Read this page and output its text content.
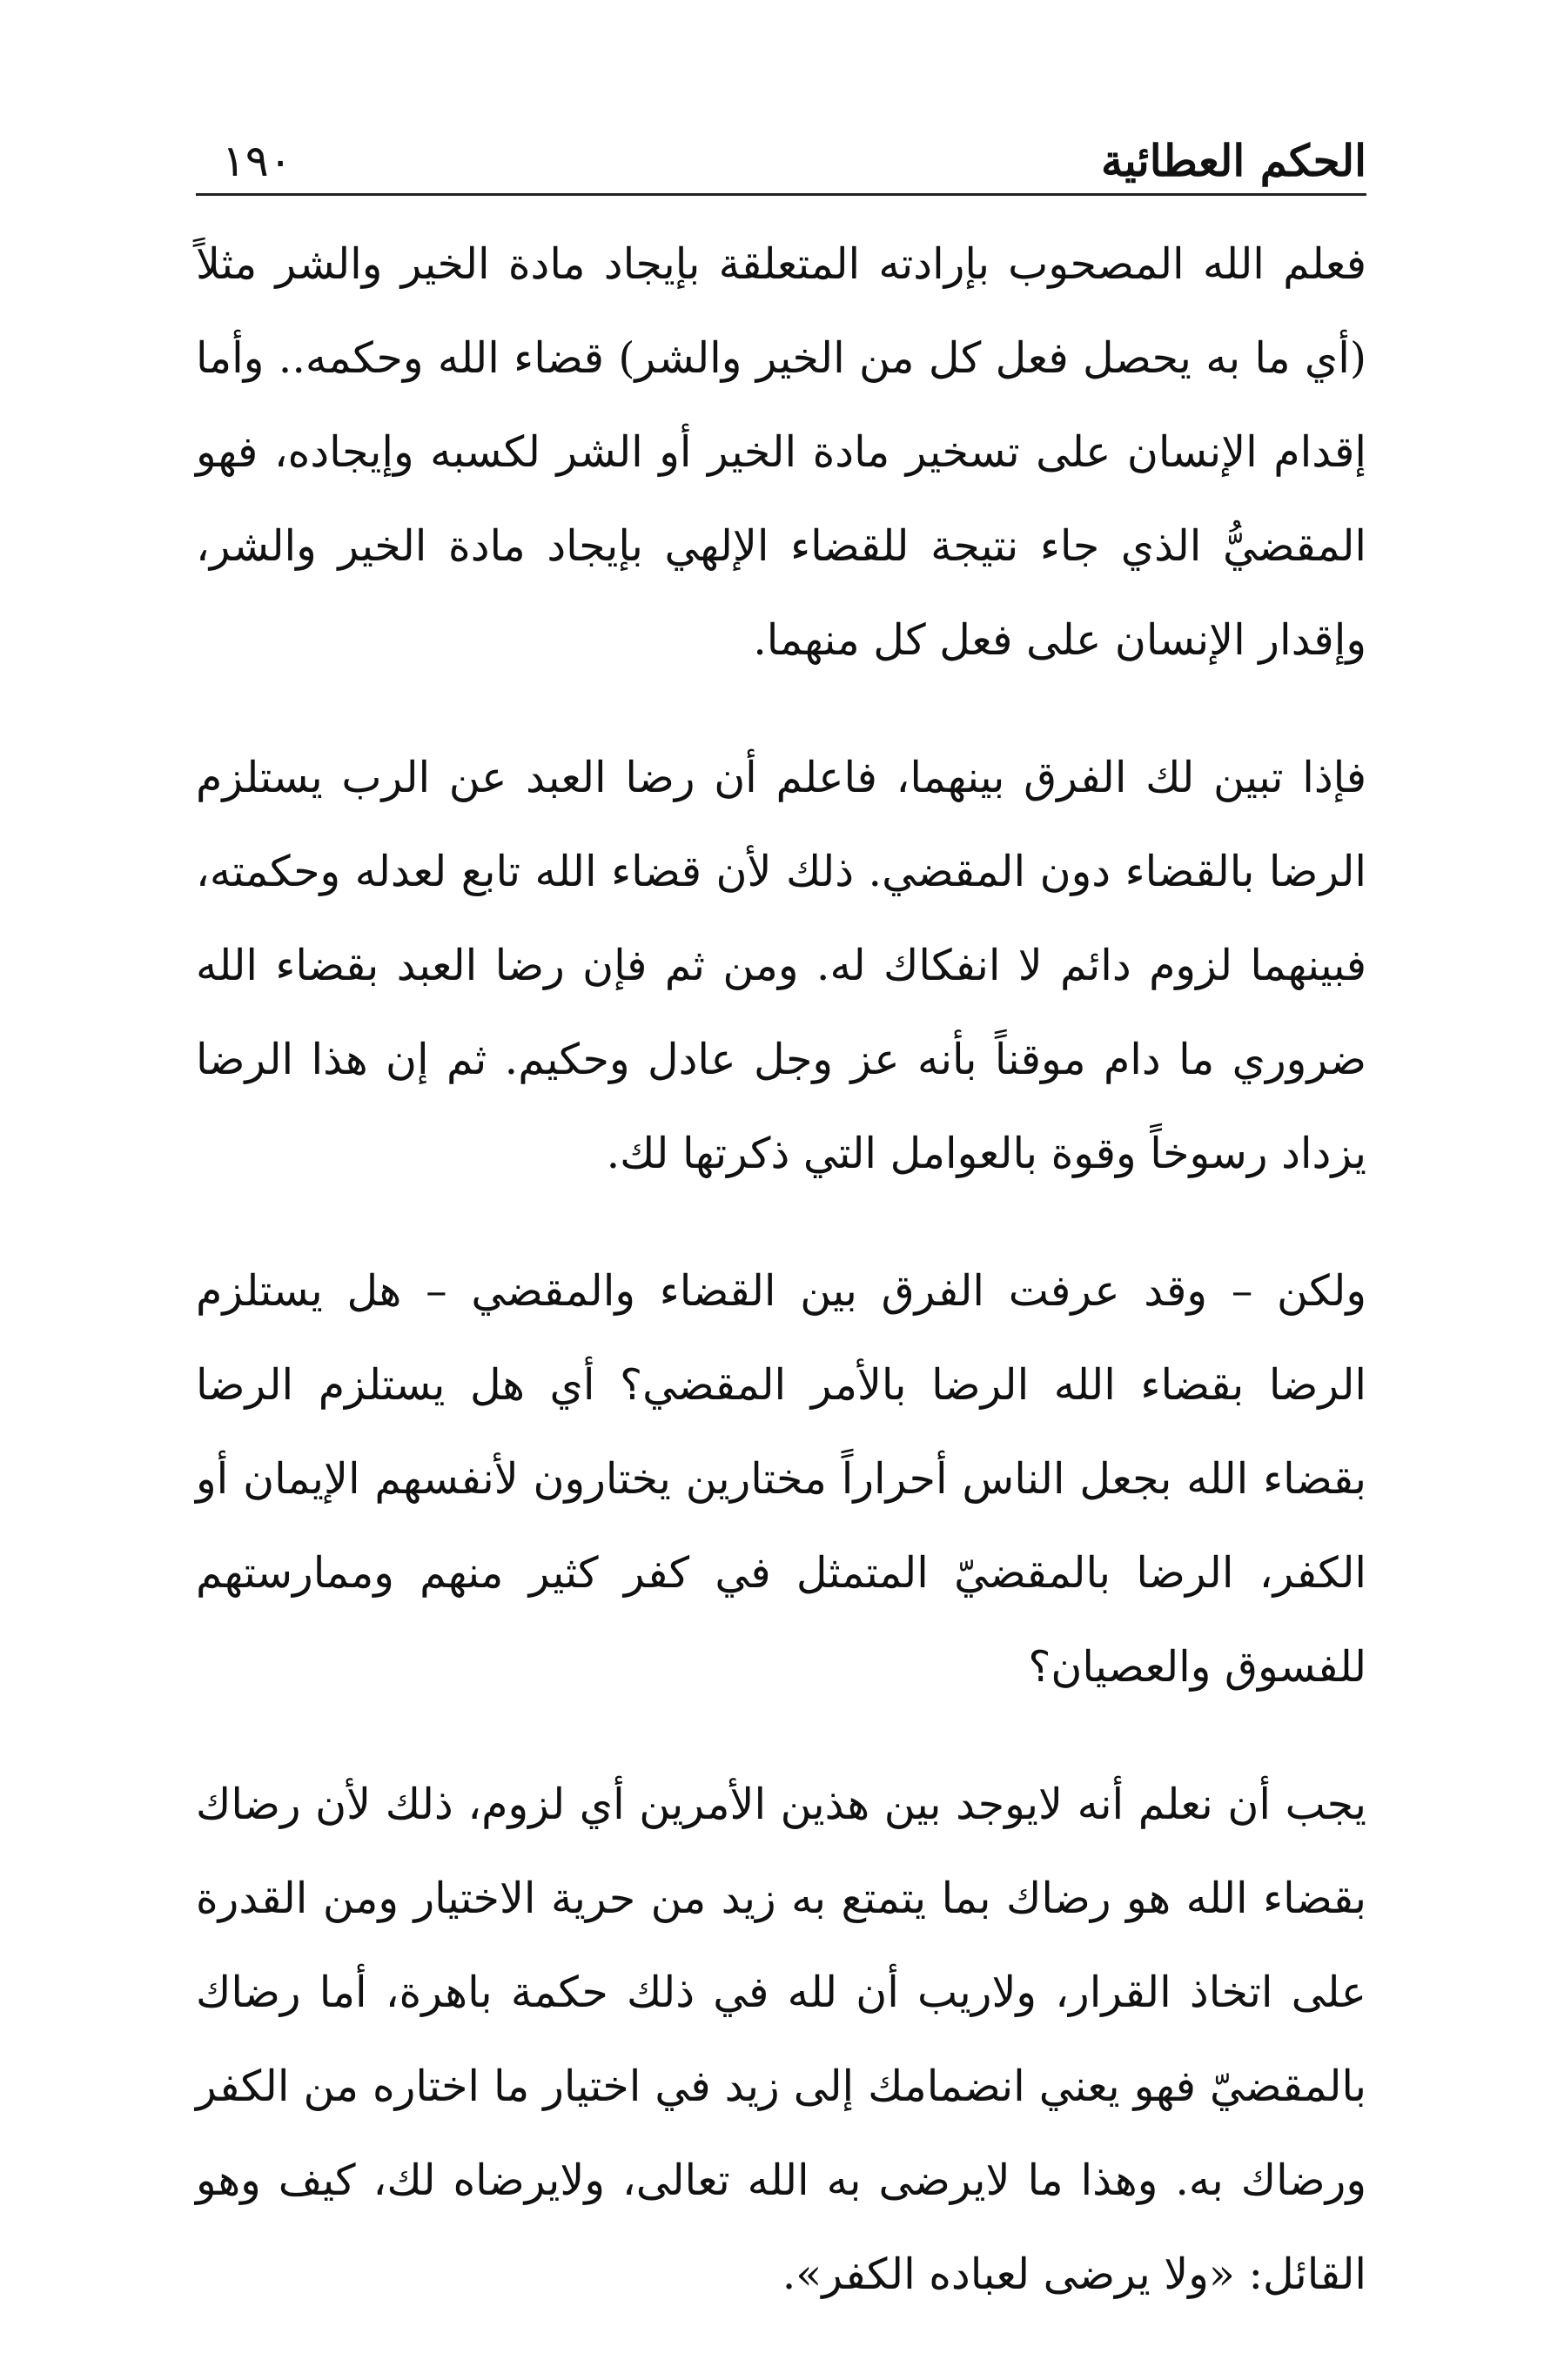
الحكم العطائية
١٩٠

فعلم الله المصحوب بإرادته المتعلقة بإيجاد مادة الخير والشر مثلاً (أي ما به يحصل فعل كل من الخير والشر) قضاء الله وحكمه.. وأما إقدام الإنسان على تسخير مادة الخير أو الشر لكسبه وإيجاده، فهو المقضيُّ الذي جاء نتيجة للقضاء الإلهي بإيجاد مادة الخير والشر، وإقدار الإنسان على فعل كل منهما.

فإذا تبين لك الفرق بينهما، فاعلم أن رضا العبد عن الرب يستلزم الرضا بالقضاء دون المقضي. ذلك لأن قضاء الله تابع لعدله وحكمته، فبينهما لزوم دائم لا انفكاك له. ومن ثم فإن رضا العبد بقضاء الله ضروري ما دام موقناً بأنه عز وجل عادل وحكيم. ثم إن هذا الرضا يزداد رسوخاً وقوة بالعوامل التي ذكرتها لك.

ولكن – وقد عرفت الفرق بين القضاء والمقضي – هل يستلزم الرضا بقضاء الله الرضا بالأمر المقضي؟ أي هل يستلزم الرضا بقضاء الله بجعل الناس أحراراً مختارين يختارون لأنفسهم الإيمان أو الكفر، الرضا بالمقضيّ المتمثل في كفر كثير منهم وممارستهم للفسوق والعصيان؟

يجب أن نعلم أنه لايوجد بين هذين الأمرين أي لزوم، ذلك لأن رضاك بقضاء الله هو رضاك بما يتمتع به زيد من حرية الاختيار ومن القدرة على اتخاذ القرار، ولاريب أن لله في ذلك حكمة باهرة، أما رضاك بالمقضيّ فهو يعني انضمامك إلى زيد في اختيار ما اختاره من الكفر ورضاك به. وهذا ما لايرضى به الله تعالى، ولايرضاه لك، كيف وهو القائل: «ولا يرضى لعباده الكفر».
